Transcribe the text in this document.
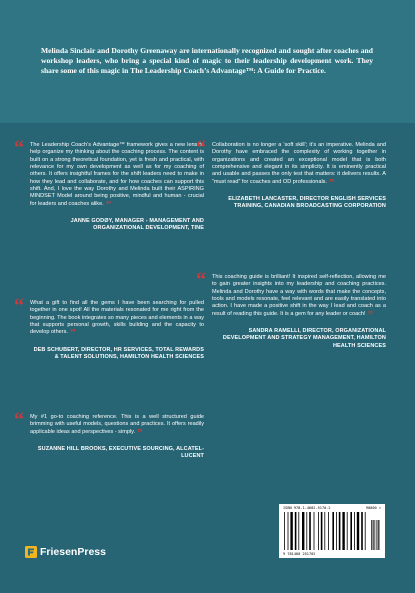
Melinda Sinclair and Dorothy Greenaway are internationally recognized and sought after coaches and workshop leaders, who bring a special kind of magic to their leadership development work. They share some of this magic in The Leadership Coach’s Advantage™: A Guide for Practice.

“ The Leadership Coach’s Advantage™ framework gives a new lens to help organize my thinking about the coaching process. The content is built on a strong theoretical foundation, yet is fresh and practical, with relevance for my own development as well as for my coaching of others. It offers insightful frames for the shift leaders need to make in how they lead and collaborate, and for how coaches can support this shift. And, I love the way Dorothy and Melinda built their ASPIRING MINDSET Model around being positive, mindful and human - crucial for leaders and coaches alike. ”

JANNE GODØY, MANAGER - MANAGEMENT AND ORGANIZATIONAL DEVELOPMENT, TINE
“ What a gift to find all the gems I have been searching for pulled together in one spot! All the materials resonated for me right from the beginning. The book integrates so many pieces and elements in a way that supports personal growth, skills building and the capacity to develop others. ”

DEB SCHUBERT, DIRECTOR, HR SERVICES, TOTAL REWARDS & TALENT SOLUTIONS, HAMILTON HEALTH SCIENCES
“ My #1 go-to coaching reference. This is a well structured guide brimming with useful models, questions and practices. It offers readily applicable ideas and perspectives - simply. ”

SUZANNE HILL BROOKS, EXECUTIVE SOURCING, ALCATEL-LUCENT
“ Collaboration is no longer a ‘soft skill’; it’s an imperative. Melinda and Dorothy have embraced the complexity of working together in organizations and created an exceptional model that is both comprehensive and elegant in its simplicity. It is eminently practical and usable and passes the only test that matters: it delivers results. A “must read” for coaches and OD professionals. ”

ELIZABETH LANCASTER, DIRECTOR ENGLISH SERVICES TRAINING, CANADIAN BROADCASTING CORPORATION
“ This coaching guide is brilliant! It inspired self-reflection, allowing me to gain greater insights into my leadership and coaching practices. Melinda and Dorothy have a way with words that make the concepts, tools and models resonate, feel relevant and are easily translated into action. I have made a positive shift in the way I lead and coach as a result of reading this guide. It is a gem for any leader or coach! ”

SANDRA RAMELLI, DIRECTOR, ORGANIZATIONAL DEVELOPMENT AND STRATEGY MANAGEMENT, HAMILTON HEALTH SCIENCES
ISBN 978-1-4602-5170-2	90000 >
9 781460 251702
FriesenPress
